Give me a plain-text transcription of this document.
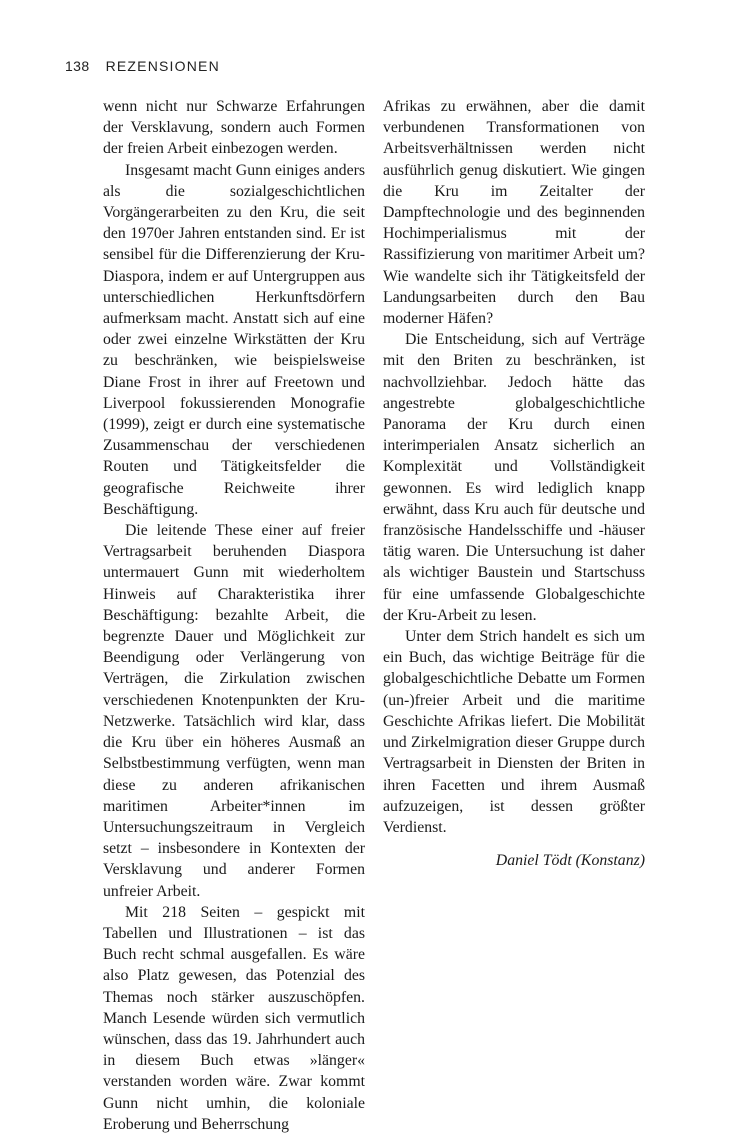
138 REZENSIONEN

wenn nicht nur Schwarze Erfahrungen der Versklavung, sondern auch Formen der freien Arbeit einbezogen werden.

Insgesamt macht Gunn einiges anders als die sozialgeschichtlichen Vorgängerarbeiten zu den Kru, die seit den 1970er Jahren entstanden sind. Er ist sensibel für die Differenzierung der Kru-Diaspora, indem er auf Untergruppen aus unterschiedlichen Herkunftsdörfern aufmerksam macht. Anstatt sich auf eine oder zwei einzelne Wirkstätten der Kru zu beschränken, wie beispielsweise Diane Frost in ihrer auf Freetown und Liverpool fokussierenden Monografie (1999), zeigt er durch eine systematische Zusammenschau der verschiedenen Routen und Tätigkeitsfelder die geografische Reichweite ihrer Beschäftigung.

Die leitende These einer auf freier Vertragsarbeit beruhenden Diaspora untermauert Gunn mit wiederholtem Hinweis auf Charakteristika ihrer Beschäftigung: bezahlte Arbeit, die begrenzte Dauer und Möglichkeit zur Beendigung oder Verlängerung von Verträgen, die Zirkulation zwischen verschiedenen Knotenpunkten der Kru-Netzwerke. Tatsächlich wird klar, dass die Kru über ein höheres Ausmaß an Selbstbestimmung verfügten, wenn man diese zu anderen afrikanischen maritimen Arbeiter*innen im Untersuchungszeitraum in Vergleich setzt – insbesondere in Kontexten der Versklavung und anderer Formen unfreier Arbeit.

Mit 218 Seiten – gespickt mit Tabellen und Illustrationen – ist das Buch recht schmal ausgefallen. Es wäre also Platz gewesen, das Potenzial des Themas noch stärker auszuschöpfen. Manch Lesende würden sich vermutlich wünschen, dass das 19. Jahrhundert auch in diesem Buch etwas »länger« verstanden worden wäre. Zwar kommt Gunn nicht umhin, die koloniale Eroberung und Beherrschung

Afrikas zu erwähnen, aber die damit verbundenen Transformationen von Arbeitsverhältnissen werden nicht ausführlich genug diskutiert. Wie gingen die Kru im Zeitalter der Dampftechnologie und des beginnenden Hochimperialismus mit der Rassifizierung von maritimer Arbeit um? Wie wandelte sich ihr Tätigkeitsfeld der Landungsarbeiten durch den Bau moderner Häfen?

Die Entscheidung, sich auf Verträge mit den Briten zu beschränken, ist nachvollziehbar. Jedoch hätte das angestrebte globalgeschichtliche Panorama der Kru durch einen interimperialen Ansatz sicherlich an Komplexität und Vollständigkeit gewonnen. Es wird lediglich knapp erwähnt, dass Kru auch für deutsche und französische Handelsschiffe und -häuser tätig waren. Die Untersuchung ist daher als wichtiger Baustein und Startschuss für eine umfassende Globalgeschichte der Kru-Arbeit zu lesen.

Unter dem Strich handelt es sich um ein Buch, das wichtige Beiträge für die globalgeschichtliche Debatte um Formen (un-)freier Arbeit und die maritime Geschichte Afrikas liefert. Die Mobilität und Zirkelmigration dieser Gruppe durch Vertragsarbeit in Diensten der Briten in ihren Facetten und ihrem Ausmaß aufzuzeigen, ist dessen größter Verdienst.

Daniel Tödt (Konstanz)
